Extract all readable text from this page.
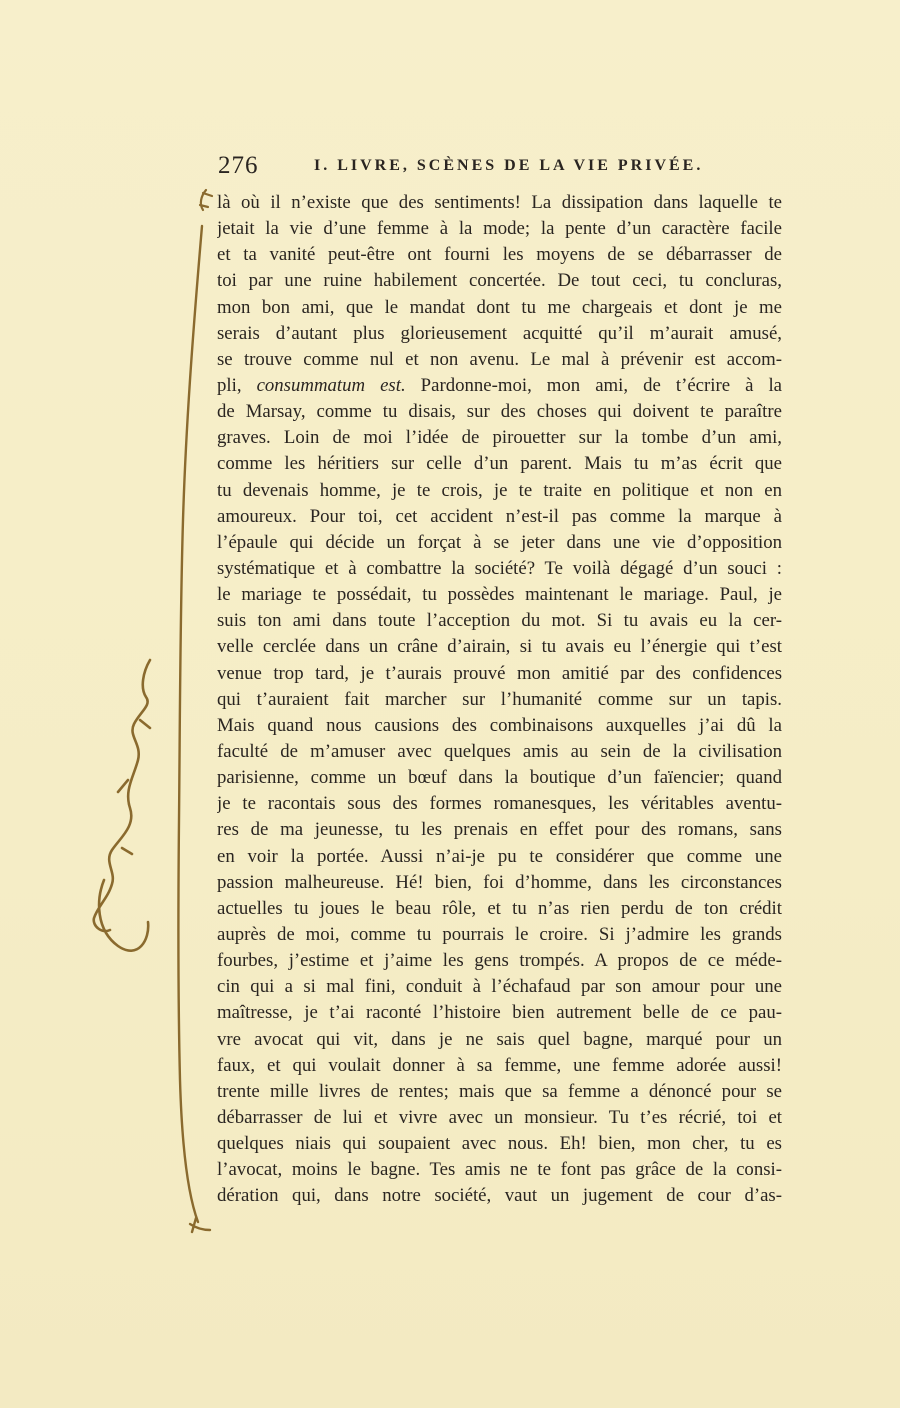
276	I. LIVRE, SCÈNES DE LA VIE PRIVÉE.
là où il n’existe que des sentiments! La dissipation dans laquelle te
jetait la vie d’une femme à la mode; la pente d’un caractère facile
et ta vanité peut-être ont fourni les moyens de se débarrasser de
toi par une ruine habilement concertée. De tout ceci, tu concluras,
mon bon ami, que le mandat dont tu me chargeais et dont je me
serais d’autant plus glorieusement acquitté qu’il m’aurait amusé,
se trouve comme nul et non avenu. Le mal à prévenir est accom-
pli, consummatum est. Pardonne-moi, mon ami, de t’écrire à la
de Marsay, comme tu disais, sur des choses qui doivent te paraître
graves. Loin de moi l’idée de pirouetter sur la tombe d’un ami,
comme les héritiers sur celle d’un parent. Mais tu m’as écrit que
tu devenais homme, je te crois, je te traite en politique et non en
amoureux. Pour toi, cet accident n’est-il pas comme la marque à
l’épaule qui décide un forçat à se jeter dans une vie d’opposition
systématique et à combattre la société? Te voilà dégagé d’un souci :
le mariage te possédait, tu possèdes maintenant le mariage. Paul, je
suis ton ami dans toute l’acception du mot. Si tu avais eu la cer-
velle cerclée dans un crâne d’airain, si tu avais eu l’énergie qui t’est
venue trop tard, je t’aurais prouvé mon amitié par des confidences
qui t’auraient fait marcher sur l’humanité comme sur un tapis.
Mais quand nous causions des combinaisons auxquelles j’ai dû la
faculté de m’amuser avec quelques amis au sein de la civilisation
parisienne, comme un bœuf dans la boutique d’un faïencier; quand
je te racontais sous des formes romanesques, les véritables aventu-
res de ma jeunesse, tu les prenais en effet pour des romans, sans
en voir la portée. Aussi n’ai-je pu te considérer que comme une
passion malheureuse. Hé! bien, foi d’homme, dans les circonstances
actuelles tu joues le beau rôle, et tu n’as rien perdu de ton crédit
auprès de moi, comme tu pourrais le croire. Si j’admire les grands
fourbes, j’estime et j’aime les gens trompés. A propos de ce méde-
cin qui a si mal fini, conduit à l’échafaud par son amour pour une
maîtresse, je t’ai raconté l’histoire bien autrement belle de ce pau-
vre avocat qui vit, dans je ne sais quel bagne, marqué pour un
faux, et qui voulait donner à sa femme, une femme adorée aussi!
trente mille livres de rentes; mais que sa femme a dénoncé pour se
débarrasser de lui et vivre avec un monsieur. Tu t’es récrié, toi et
quelques niais qui soupaient avec nous. Eh! bien, mon cher, tu es
l’avocat, moins le bagne. Tes amis ne te font pas grâce de la consi-
dération qui, dans notre société, vaut un jugement de cour d’as-
